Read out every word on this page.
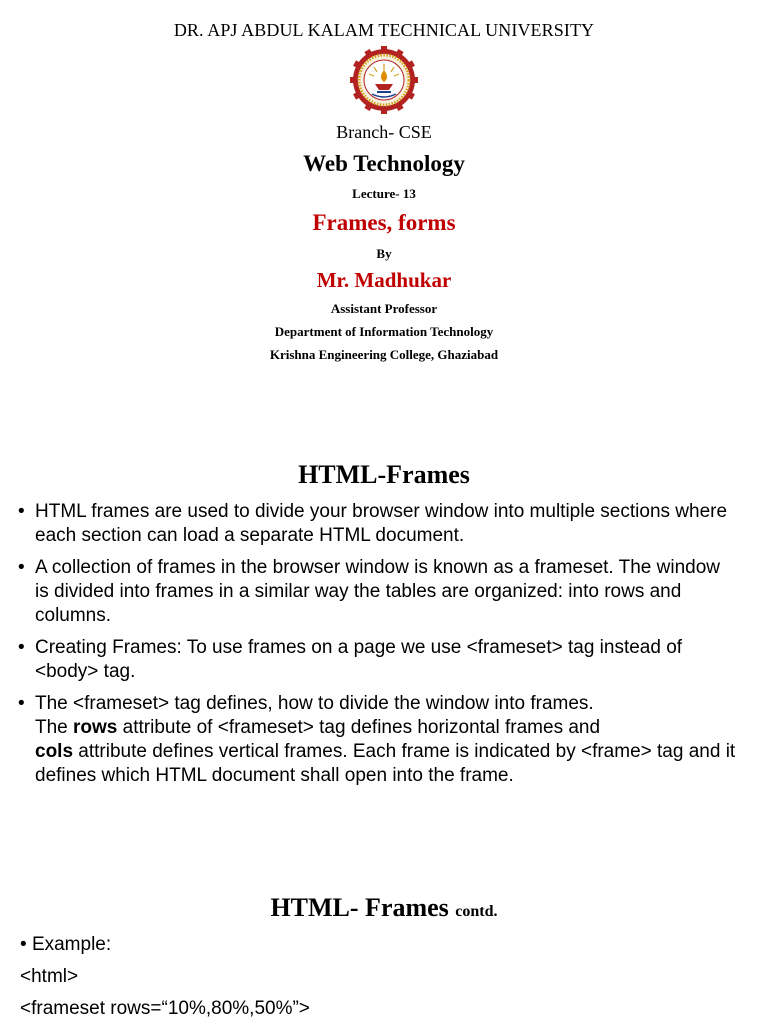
DR. APJ ABDUL KALAM TECHNICAL UNIVERSITY
Branch- CSE
Web Technology
Lecture- 13
Frames, forms
By
Mr. Madhukar
Assistant Professor
Department of Information Technology
Krishna Engineering College, Ghaziabad
HTML-Frames
• HTML frames are used to divide your browser window into multiple sections where each section can load a separate HTML document.
• A collection of frames in the browser window is known as a frameset. The window is divided into frames in a similar way the tables are organized: into rows and columns.
• Creating Frames: To use frames on a page we use <frameset> tag instead of <body> tag.
• The <frameset> tag defines, how to divide the window into frames.
The rows attribute of <frameset> tag defines horizontal frames and
cols attribute defines vertical frames. Each frame is indicated by <frame> tag and it defines which HTML document shall open into the frame.
HTML- Frames contd.
• Example:
<html>
<frameset rows=“10%,80%,50%”>
